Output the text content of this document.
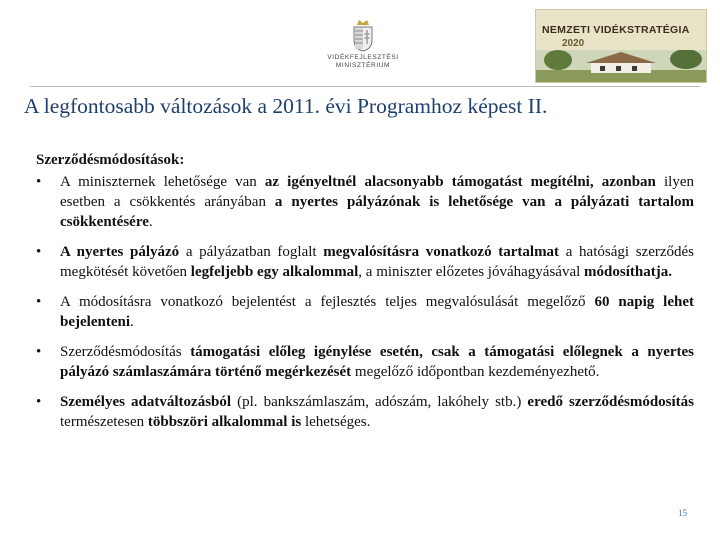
VIDÉKFEJLESZTÉSI
MINISZTÉRIUM
NEMZETI VIDÉKSTRATÉGIA
2020
A legfontosabb változások a 2011. évi Programhoz képest II.
Szerződésmódosítások:
• A miniszternek lehetősége van az igényeltnél alacsonyabb támogatást megítélni, azonban ilyen esetben a csökkentés arányában a nyertes pályázónak is lehetősége van a pályázati tartalom csökkentésére.
• A nyertes pályázó a pályázatban foglalt megvalósításra vonatkozó tartalmat a hatósági szerződés megkötését követően legfeljebb egy alkalommal, a miniszter előzetes jóváhagyásával módosíthatja.
• A módosításra vonatkozó bejelentést a fejlesztés teljes megvalósulását megelőző 60 napig lehet bejelenteni.
• Szerződésmódosítás támogatási előleg igénylése esetén, csak a támogatási előlegnek a nyertes pályázó számlaszámára történő megérkezését megelőző időpontban kezdeményezhető.
• Személyes adatváltozásból (pl. bankszámlaszám, adószám, lakóhely stb.) eredő szerződésmódosítás természetesen többszöri alkalommal is lehetséges.
15
